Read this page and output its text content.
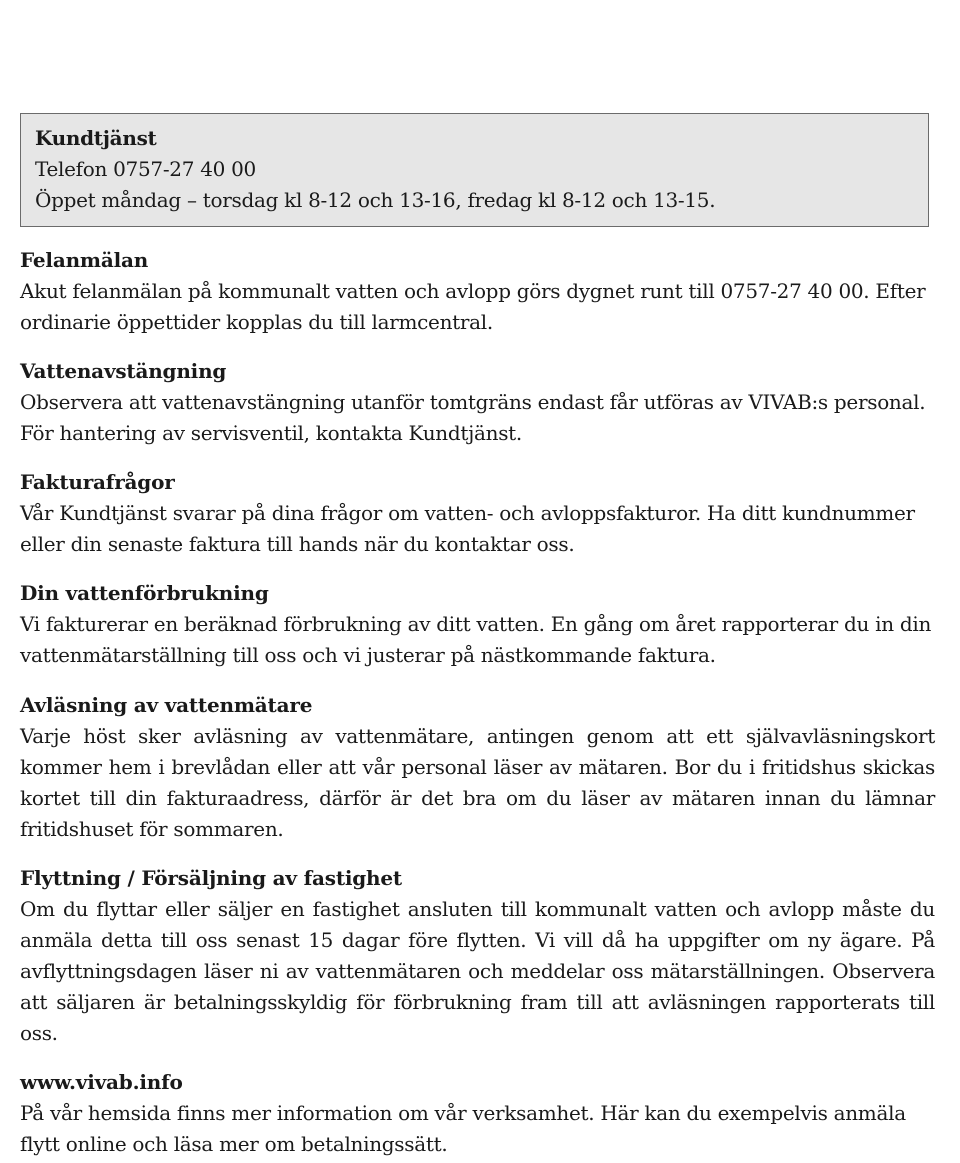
Kundtjänst
Telefon 0757-27 40 00
Öppet måndag – torsdag kl 8-12 och 13-16, fredag kl 8-12 och 13-15.
Felanmälan
Akut felanmälan på kommunalt vatten och avlopp görs dygnet runt till 0757-27 40 00. Efter ordinarie öppettider kopplas du till larmcentral.
Vattenavstängning
Observera att vattenavstängning utanför tomtgräns endast får utföras av VIVAB:s personal. För hantering av servisventil, kontakta Kundtjänst.
Fakturafrågor
Vår Kundtjänst svarar på dina frågor om vatten- och avloppsfakturor. Ha ditt kundnummer eller din senaste faktura till hands när du kontaktar oss.
Din vattenförbrukning
Vi fakturerar en beräknad förbrukning av ditt vatten. En gång om året rapporterar du in din vattenmätarställning till oss och vi justerar på nästkommande faktura.
Avläsning av vattenmätare
Varje höst sker avläsning av vattenmätare, antingen genom att ett självavläsningskort kommer hem i brevlådan eller att vår personal läser av mätaren. Bor du i fritidshus skickas kortet till din fakturaadress, därför är det bra om du läser av mätaren innan du lämnar fritidshuset för sommaren.
Flyttning / Försäljning av fastighet
Om du flyttar eller säljer en fastighet ansluten till kommunalt vatten och avlopp måste du anmäla detta till oss senast 15 dagar före flytten. Vi vill då ha uppgifter om ny ägare. På avflyttningsdagen läser ni av vattenmätaren och meddelar oss mätarställningen. Observera att säljaren är betalningsskyldig för förbrukning fram till att avläsningen rapporterats till oss.
www.vivab.info
På vår hemsida finns mer information om vår verksamhet. Här kan du exempelvis anmäla flytt online och läsa mer om betalningssätt.
